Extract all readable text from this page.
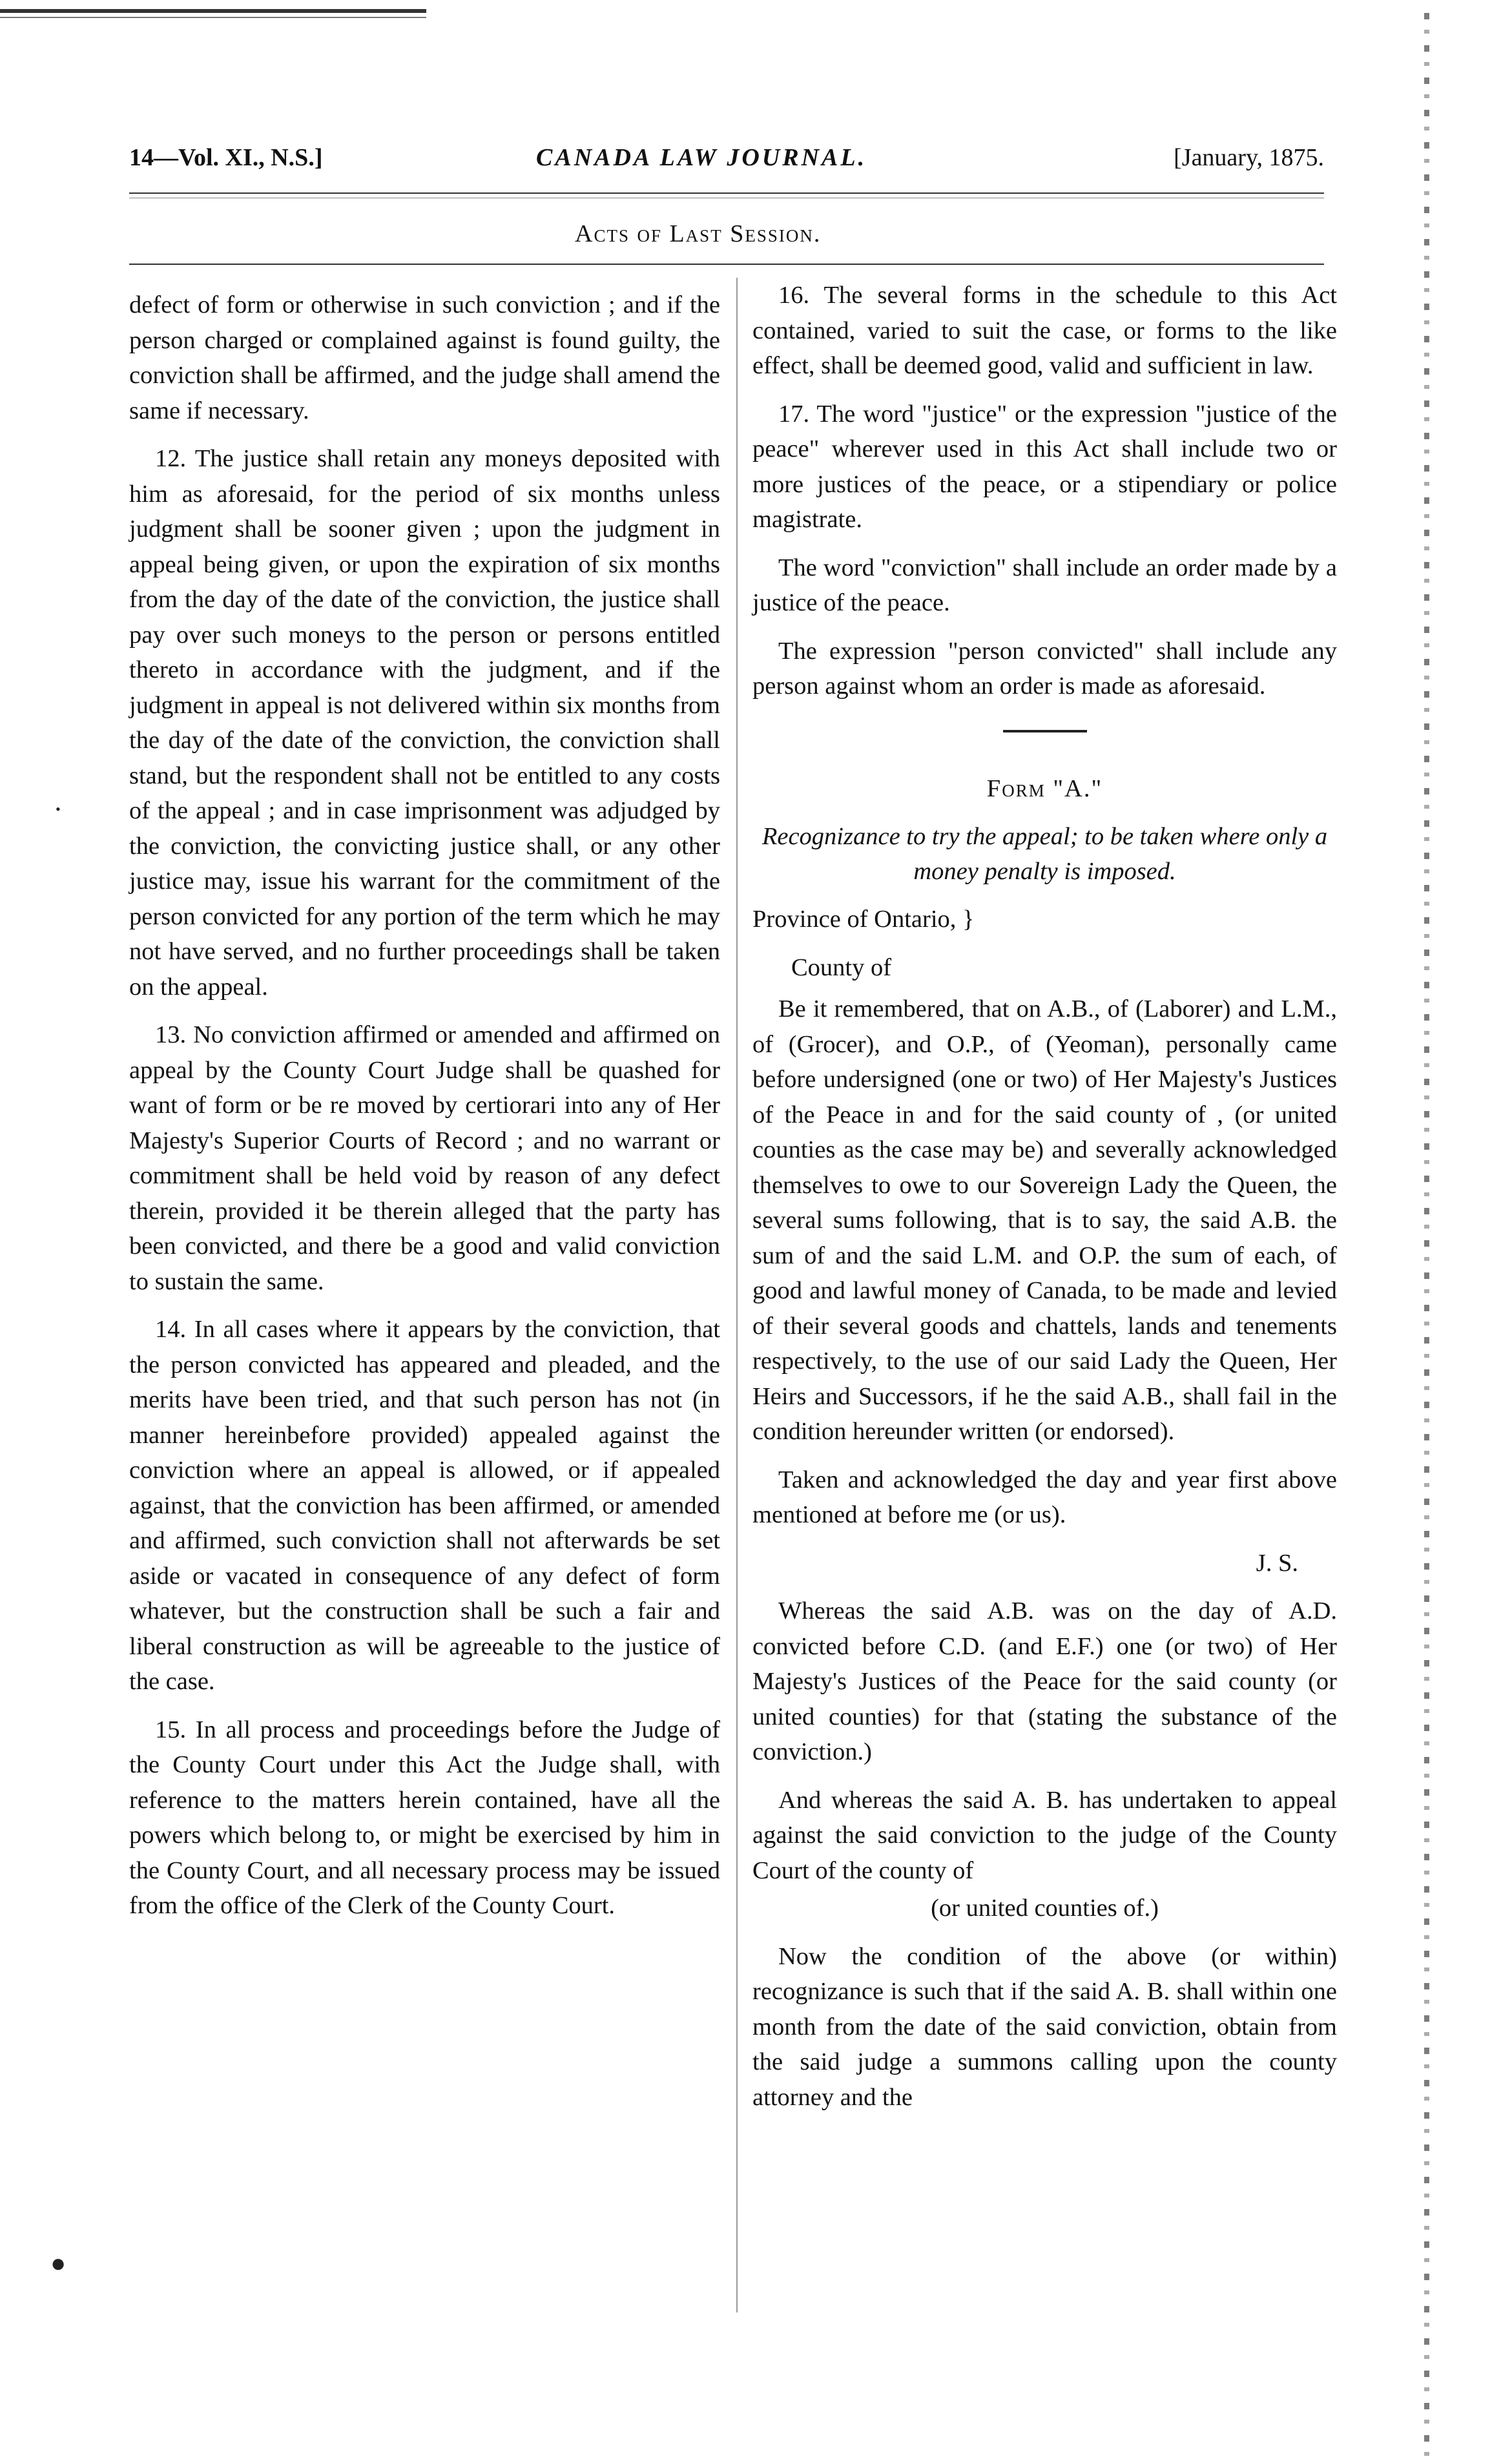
14—Vol. XI., N.S.]	CANADA LAW JOURNAL.	[January, 1875.
Acts of Last Session.

defect of form or otherwise in such conviction ; and if the person charged or complained against is found guilty, the conviction shall be affirmed, and the judge shall amend the same if necessary.

12. The justice shall retain any moneys deposited with him as aforesaid, for the period of six months unless judgment shall be sooner given ; upon the judgment in appeal being given, or upon the expiration of six months from the day of the date of the conviction, the justice shall pay over such moneys to the person or persons entitled thereto in accordance with the judgment, and if the judgment in appeal is not delivered within six months from the day of the date of the conviction, the conviction shall stand, but the respondent shall not be entitled to any costs of the appeal ; and in case imprisonment was adjudged by the conviction, the convicting justice shall, or any other justice may, issue his warrant for the commitment of the person convicted for any portion of the term which he may not have served, and no further proceedings shall be taken on the appeal.

13. No conviction affirmed or amended and affirmed on appeal by the County Court Judge shall be quashed for want of form or be re moved by certiorari into any of Her Majesty's Superior Courts of Record ; and no warrant or commitment shall be held void by reason of any defect therein, provided it be therein alleged that the party has been convicted, and there be a good and valid conviction to sustain the same.

14. In all cases where it appears by the conviction, that the person convicted has appeared and pleaded, and the merits have been tried, and that such person has not (in manner hereinbefore provided) appealed against the conviction where an appeal is allowed, or if appealed against, that the conviction has been affirmed, or amended and affirmed, such conviction shall not afterwards be set aside or vacated in consequence of any defect of form whatever, but the construction shall be such a fair and liberal construction as will be agreeable to the justice of the case.

15. In all process and proceedings before the Judge of the County Court under this Act the Judge shall, with reference to the matters herein contained, have all the powers which belong to, or might be exercised by him in the County Court, and all necessary process may be issued from the office of the Clerk of the County Court.

16. The several forms in the schedule to this Act contained, varied to suit the case, or forms to the like effect, shall be deemed good, valid and sufficient in law.

17. The word "justice" or the expression "justice of the peace" wherever used in this Act shall include two or more justices of the peace, or a stipendiary or police magistrate.

The word "conviction" shall include an order made by a justice of the peace.

The expression "person convicted" shall include any person against whom an order is made as aforesaid.

Form "A."

Recognizance to try the appeal; to be taken where only a money penalty is imposed.

Province of Ontario, }

County of

Be it remembered, that on A.B., of (Laborer) and L.M., of (Grocer), and O.P., of (Yeoman), personally came before undersigned (one or two) of Her Majesty's Justices of the Peace in and for the said county of , (or united counties as the case may be) and severally acknowledged themselves to owe to our Sovereign Lady the Queen, the several sums following, that is to say, the said A.B. the sum of and the said L.M. and O.P. the sum of each, of good and lawful money of Canada, to be made and levied of their several goods and chattels, lands and tenements respectively, to the use of our said Lady the Queen, Her Heirs and Successors, if he the said A.B., shall fail in the condition hereunder written (or endorsed).

Taken and acknowledged the day and year first above mentioned at before me (or us).

J. S.

Whereas the said A.B. was on the day of A.D. convicted before C.D. (and E.F.) one (or two) of Her Majesty's Justices of the Peace for the said county (or united counties) for that (stating the substance of the conviction.)

And whereas the said A. B. has undertaken to appeal against the said conviction to the judge of the County Court of the county of

(or united counties of.)

Now the condition of the above (or within) recognizance is such that if the said A. B. shall within one month from the date of the said conviction, obtain from the said judge a summons calling upon the county attorney and the

●
•
